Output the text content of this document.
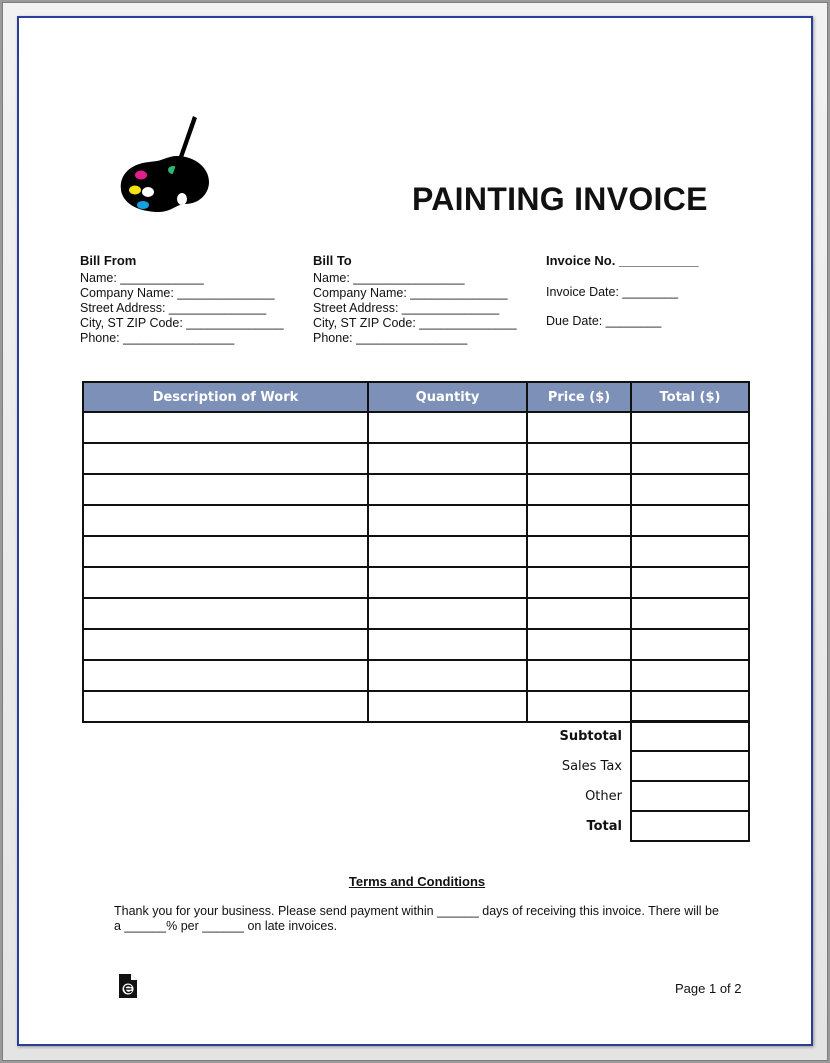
PAINTING INVOICE
Bill From
Name: ____________
Company Name: ______________
Street Address: ______________
City, ST ZIP Code: ______________
Phone: ________________
Bill To
Name: ________________
Company Name: ______________
Street Address: ______________
City, ST ZIP Code: ______________
Phone: ________________
Invoice No. ___________
Invoice Date: ________
Due Date: ________
Description of Work	Quantity	Price ($)	Total ($)

Subtotal	
Sales Tax	
Other	
Total	
Terms and Conditions
Thank you for your business. Please send payment within ______ days of receiving this invoice. There will be a ______% per ______ on late invoices.
Page 1 of 2
